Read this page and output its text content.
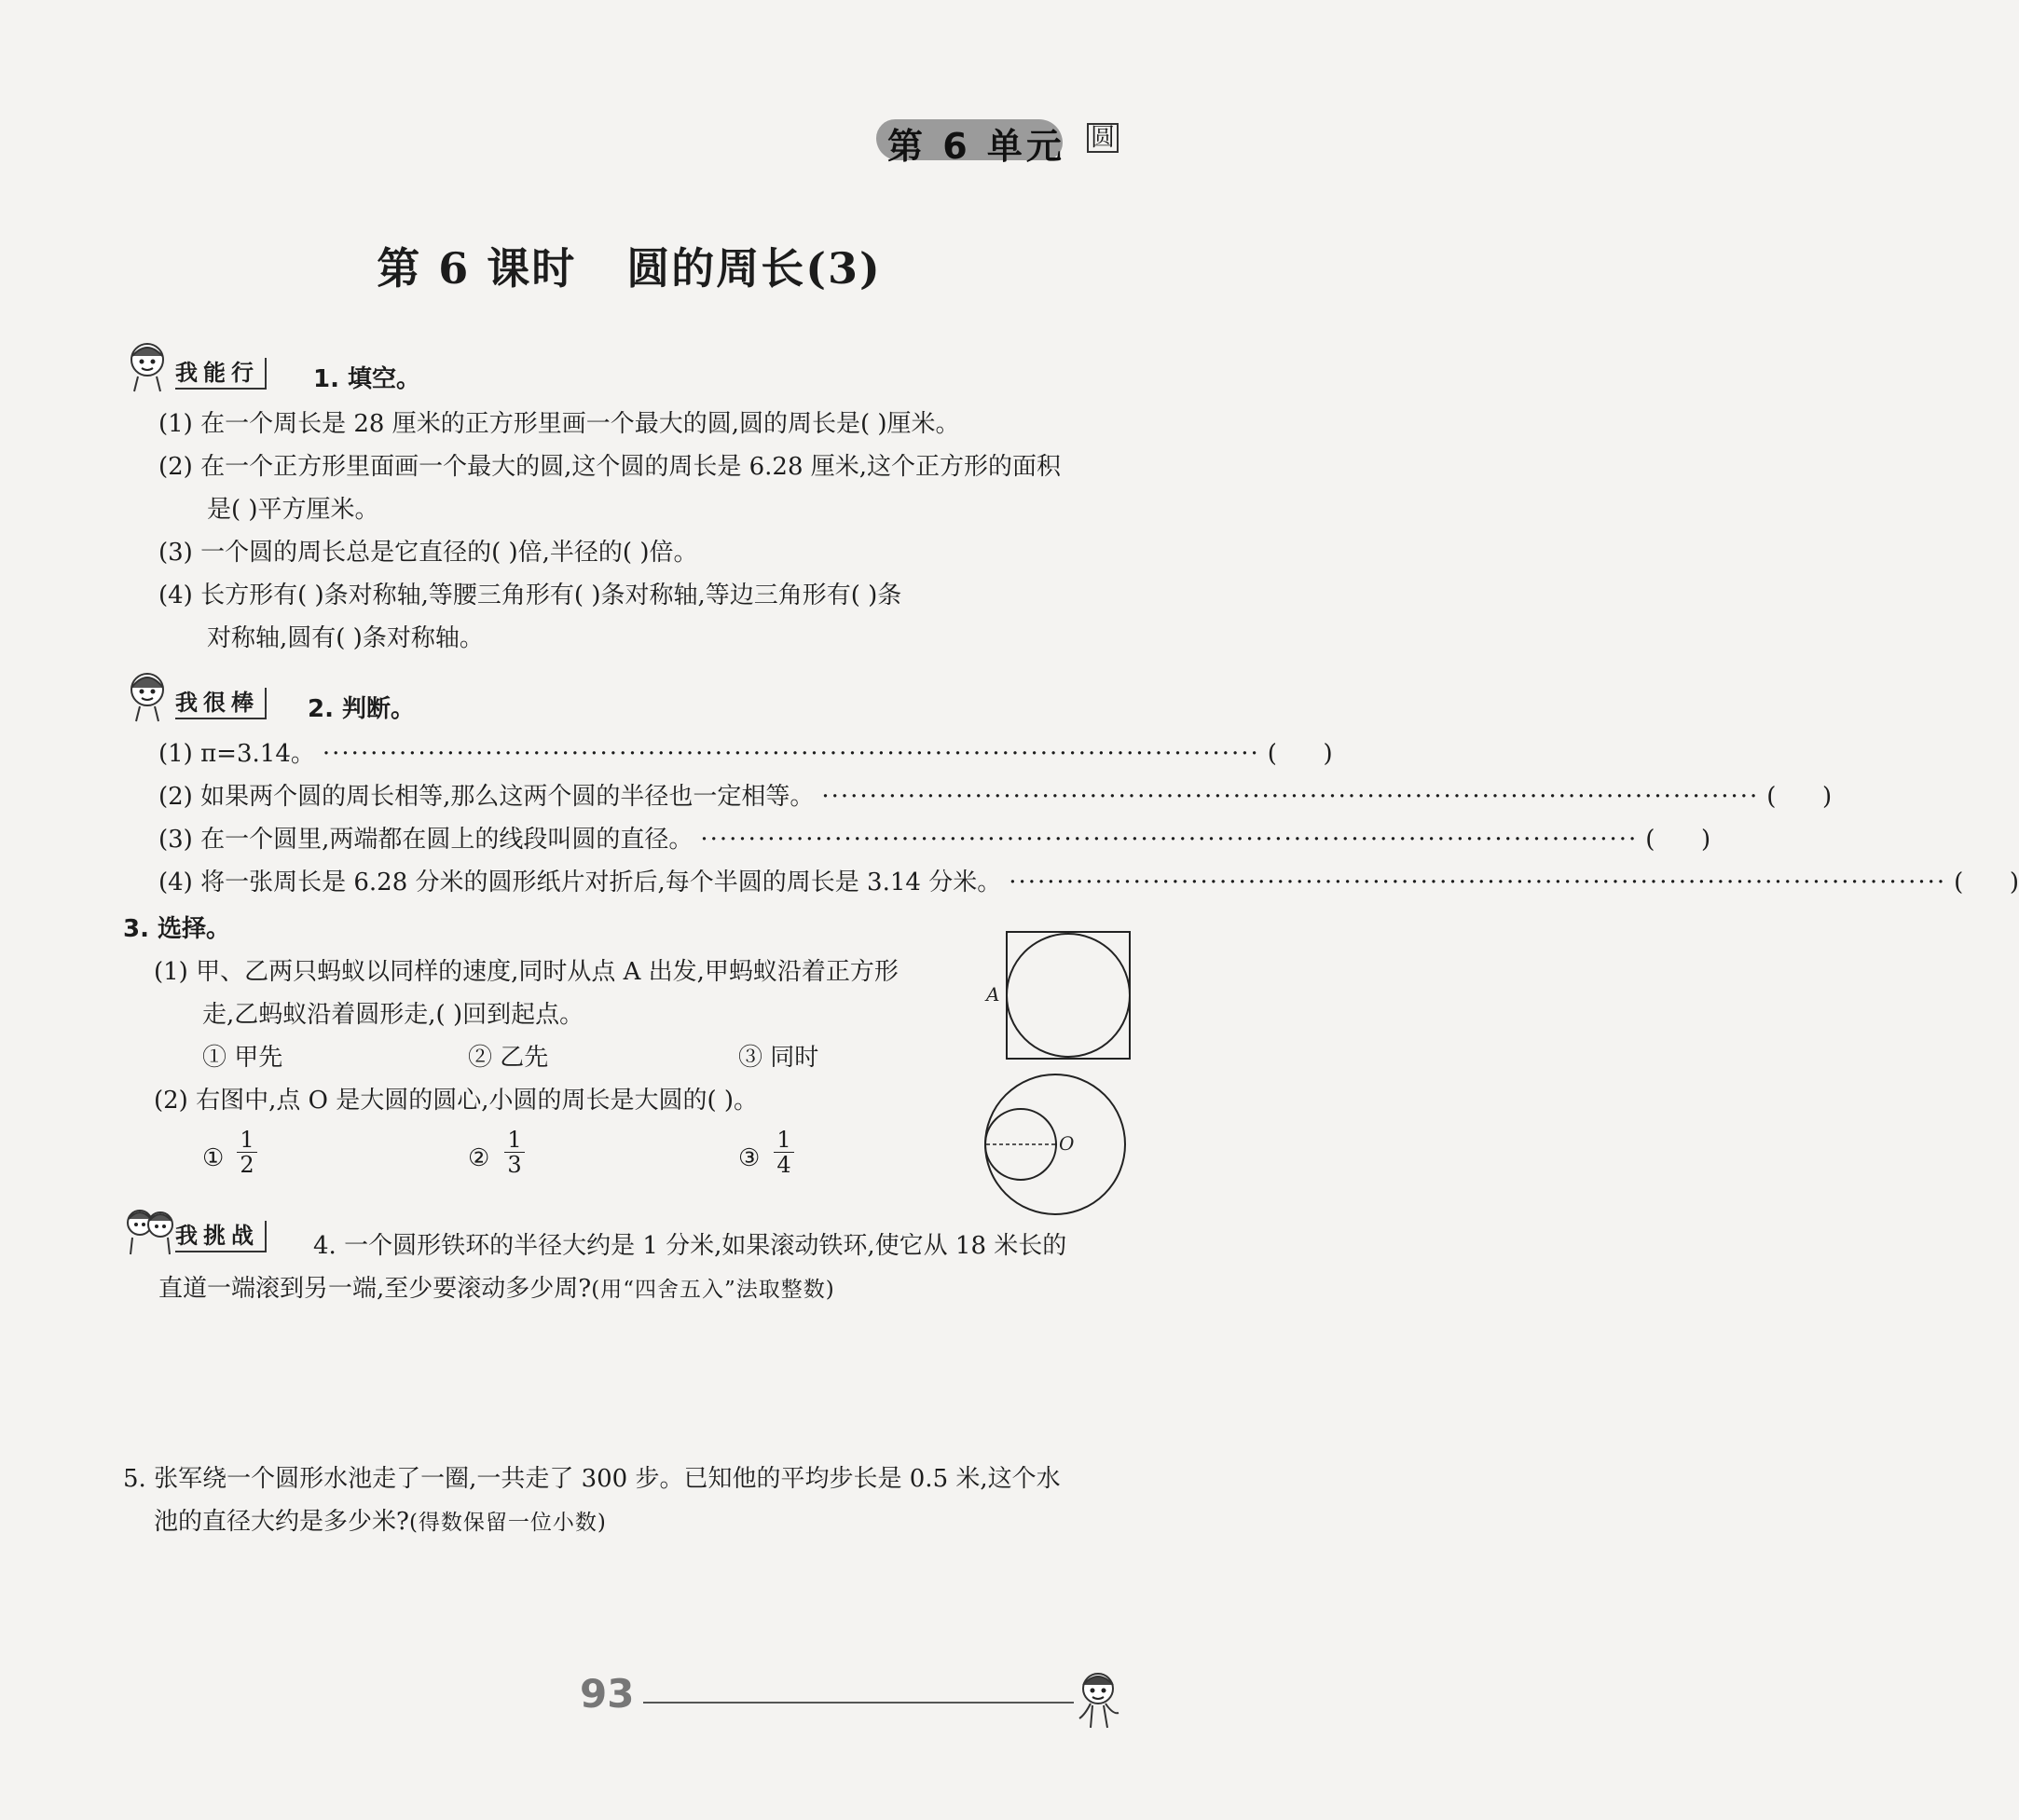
第 6 单元 圆
第 6 课时   圆的周长(3)
我能行	1. 填空。
(1) 在一个周长是 28 厘米的正方形里画一个最大的圆,圆的周长是( )厘米。
(2) 在一个正方形里面画一个最大的圆,这个圆的周长是 6.28 厘米,这个正方形的面积
是( )平方厘米。
(3) 一个圆的周长总是它直径的( )倍,半径的( )倍。
(4) 长方形有( )条对称轴,等腰三角形有( )条对称轴,等边三角形有( )条
对称轴,圆有( )条对称轴。
我很棒	2. 判断。
(1) π=3.14。 ·································································································· (      )
(2) 如果两个圆的周长相等,那么这两个圆的半径也一定相等。 ·································································································· (      )
(3) 在一个圆里,两端都在圆上的线段叫圆的直径。 ·································································································· (      )
(4) 将一张周长是 6.28 分米的圆形纸片对折后,每个半圆的周长是 3.14 分米。 ·································································································· (      )
3. 选择。
(1) 甲、乙两只蚂蚁以同样的速度,同时从点 A 出发,甲蚂蚁沿着正方形
走,乙蚂蚁沿着圆形走,( )回到起点。
① 甲先	② 乙先	③ 同时
(2) 右图中,点 O 是大圆的圆心,小圆的周长是大圆的( )。
① $\frac{1}{2}$	② $\frac{1}{3}$	③ $\frac{1}{4}$
A
O
我挑战	4. 一个圆形铁环的半径大约是 1 分米,如果滚动铁环,使它从 18 米长的
直道一端滚到另一端,至少要滚动多少周?(用“四舍五入”法取整数)
5. 张军绕一个圆形水池走了一圈,一共走了 300 步。已知他的平均步长是 0.5 米,这个水
池的直径大约是多少米?(得数保留一位小数)
93
